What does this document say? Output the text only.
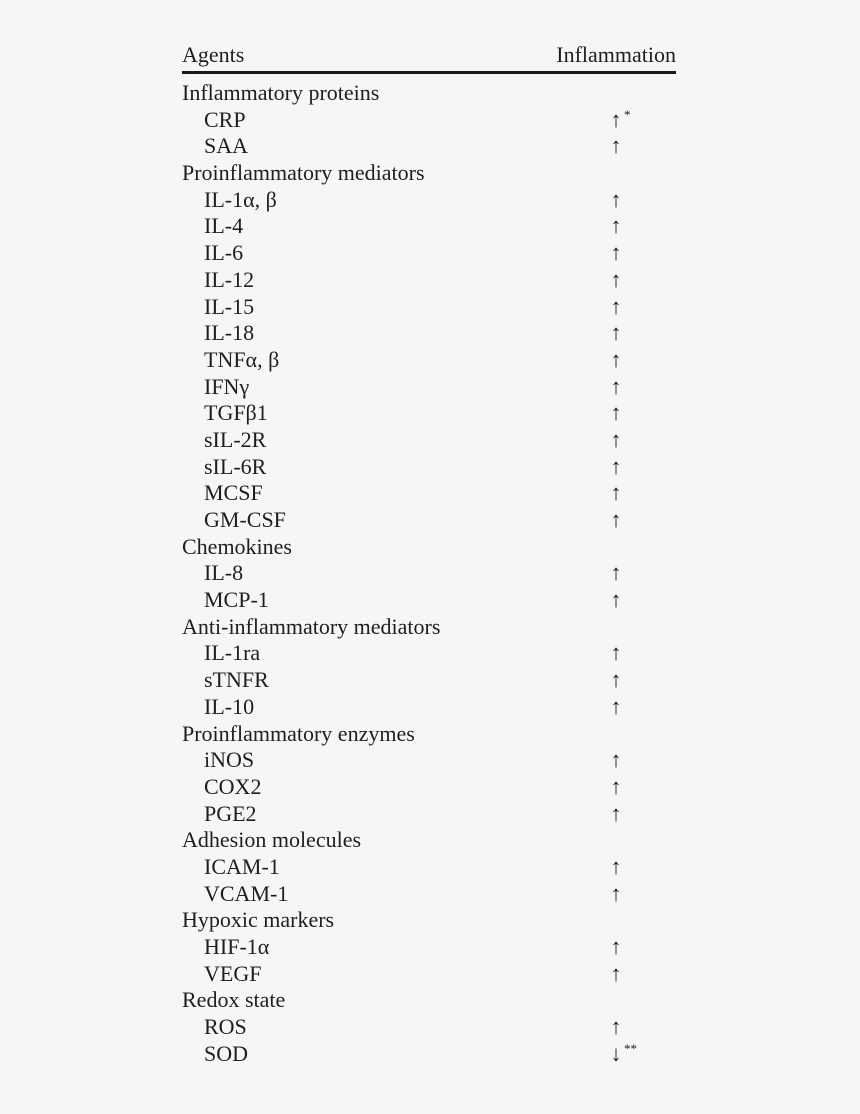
Agents	Inflammation
Inflammatory proteins
CRP	↑ *
SAA	↑
Proinflammatory mediators
IL-1α, β	↑
IL-4	↑
IL-6	↑
IL-12	↑
IL-15	↑
IL-18	↑
TNFα, β	↑
IFNγ	↑
TGFβ1	↑
sIL-2R	↑
sIL-6R	↑
MCSF	↑
GM-CSF	↑
Chemokines
IL-8	↑
MCP-1	↑
Anti-inflammatory mediators
IL-1ra	↑
sTNFR	↑
IL-10	↑
Proinflammatory enzymes
iNOS	↑
COX2	↑
PGE2	↑
Adhesion molecules
ICAM-1	↑
VCAM-1	↑
Hypoxic markers
HIF-1α	↑
VEGF	↑
Redox state
ROS	↑
SOD	↓ **
